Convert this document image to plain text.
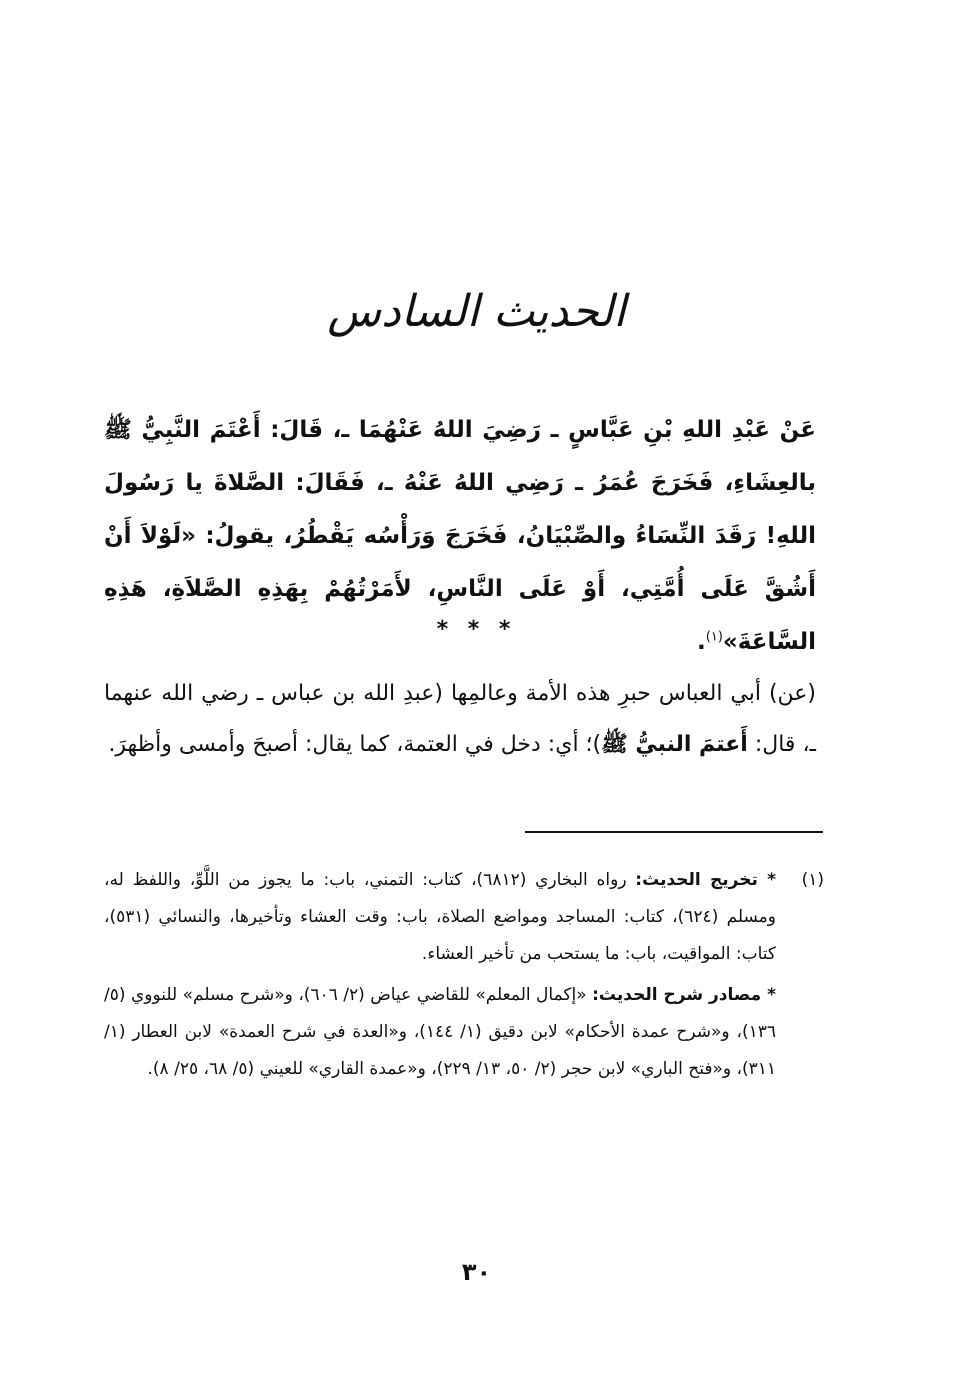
الحديث السادس
عَنْ عَبْدِ اللهِ بْنِ عَبَّاسٍ ـ رَضِيَ اللهُ عَنْهُمَا ـ، قَالَ: أَعْتَمَ النَّبِيُّ ﷺ بالعِشَاءِ، فَخَرَجَ عُمَرُ ـ رَضِي اللهُ عَنْهُ ـ، فَقَالَ: الصَّلاةَ يا رَسُولَ اللهِ! رَقَدَ النِّسَاءُ والصِّبْيَانُ، فَخَرَجَ وَرَأْسُه يَقْطُرُ، يقولُ: «لَوْلاَ أَنْ أَشُقَّ عَلَى أُمَّتِي، أَوْ عَلَى النَّاسِ، لأَمَرْتُهُمْ بِهَذِهِ الصَّلاَةِ، هَذِهِ السَّاعَةَ»$^{(١)}$.
* * *
(عن) أبي العباس حبرِ هذه الأمة وعالمِها (عبدِ الله بن عباس ـ رضي الله عنهما ـ، قال: أَعتمَ النبيُّ ﷺ)؛ أي: دخل في العتمة، كما يقال: أصبحَ وأمسى وأظهرَ.
(١)

* تخريج الحديث: رواه البخاري (٦٨١٢)، كتاب: التمني، باب: ما يجوز من اللَّوِّ، واللفظ له، ومسلم (٦٢٤)، كتاب: المساجد ومواضع الصلاة، باب: وقت العشاء وتأخيرها، والنسائي (٥٣١)، كتاب: المواقيت، باب: ما يستحب من تأخير العشاء.

* مصادر شرح الحديث: «إكمال المعلم» للقاضي عياض (٢/ ٦٠٦)، و«شرح مسلم» للنووي (٥/ ١٣٦)، و«شرح عمدة الأحكام» لابن دقيق (١/ ١٤٤)، و«العدة في شرح العمدة» لابن العطار (١/ ٣١١)، و«فتح الباري» لابن حجر (٢/ ٥٠، ١٣/ ٢٢٩)، و«عمدة القاري» للعيني (٥/ ٦٨، ٢٥/ ٨).

٣٠
